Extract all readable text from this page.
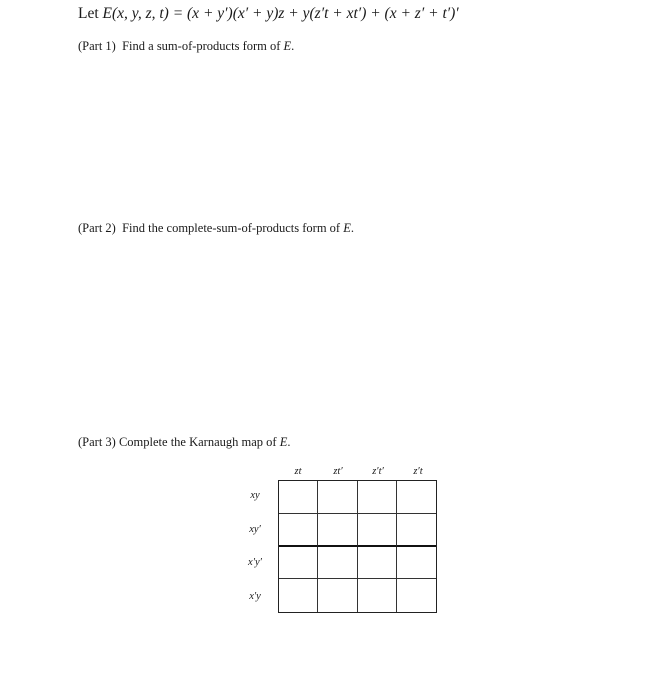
Let E(x, y, z, t) = (x + y′)(x′ + y)z + y(z′t + xt′) + (x + z′ + t′)′
(Part 1) Find a sum-of-products form of E.
(Part 2) Find the complete-sum-of-products form of E.
(Part 3) Complete the Karnaugh map of E.
zt	zt′	z′t′	z′t
xy
xy′
x′y′
x′y
